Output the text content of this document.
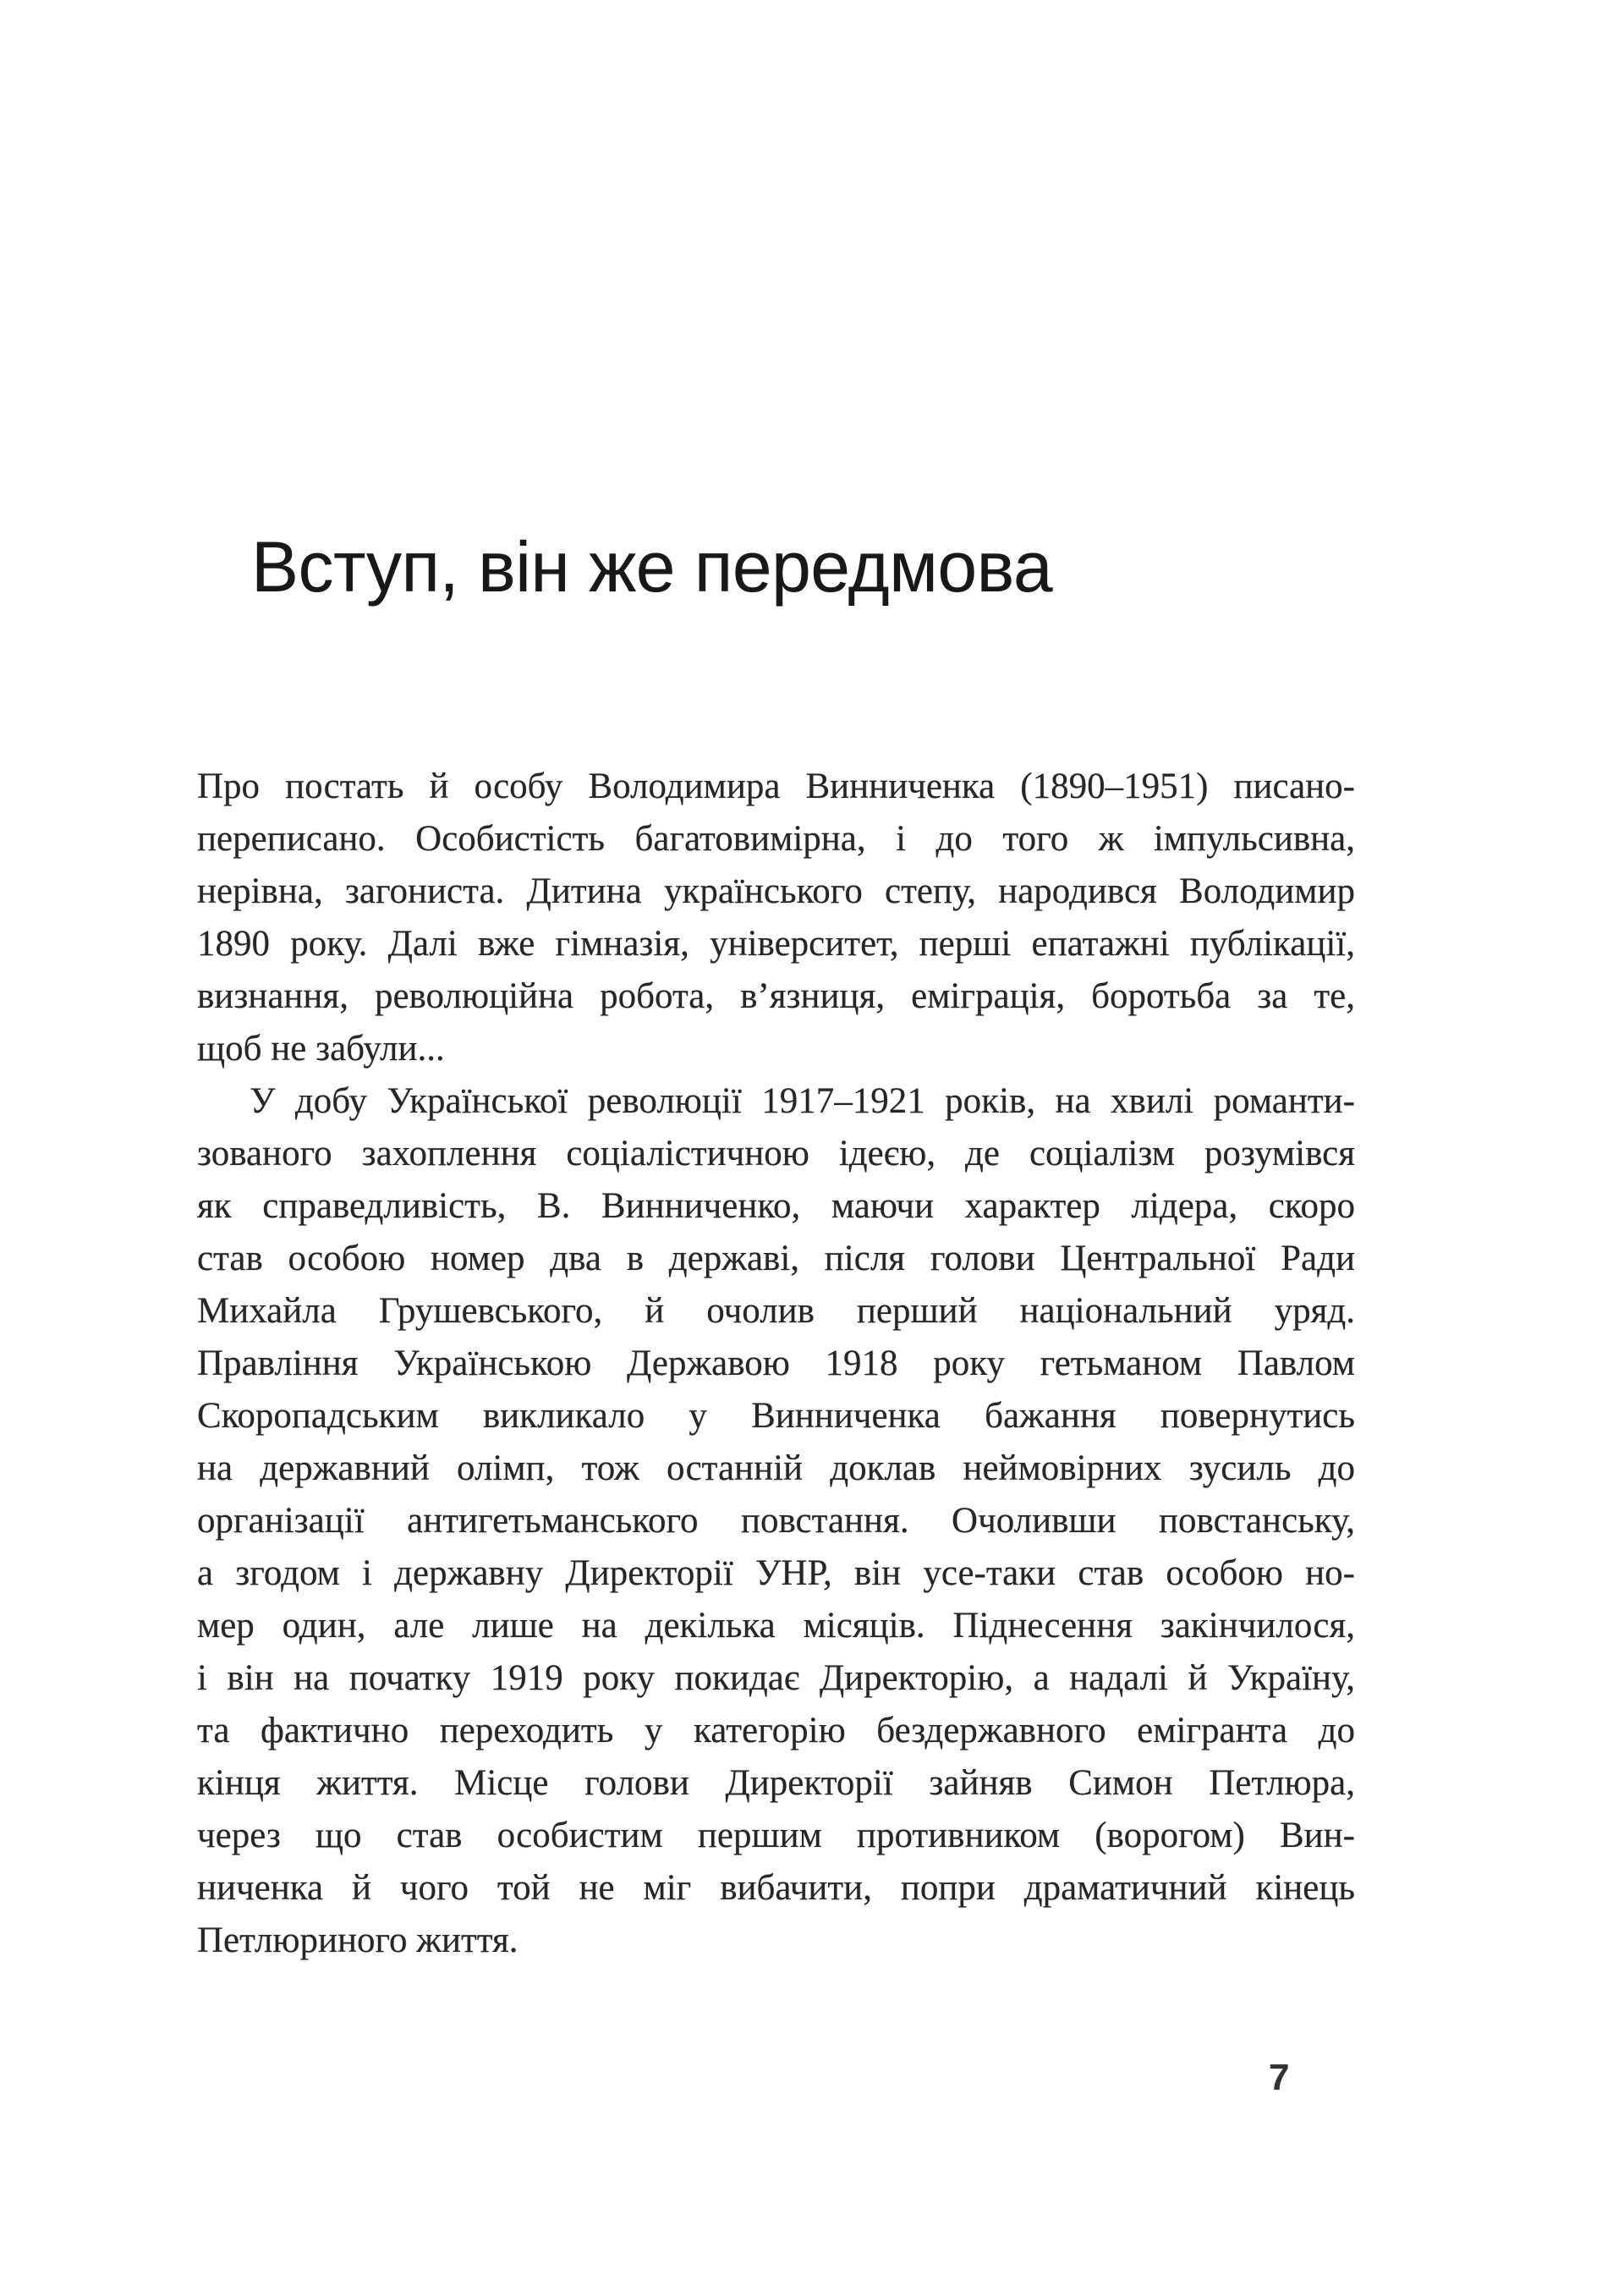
Вступ, він же передмова
Про постать й особу Володимира Винниченка (1890–1951) писано-
переписано. Особистість багатовимірна, і до того ж імпульсивна,
нерівна, загониста. Дитина українського степу, народився Володимир
1890 року. Далі вже гімназія, університет, перші епатажні публікації,
визнання, революційна робота, в’язниця, еміграція, боротьба за те,
щоб не забули...
У добу Української революції 1917–1921 років, на хвилі романти-
зованого захоплення соціалістичною ідеєю, де соціалізм розумівся
як справедливість, В. Винниченко, маючи характер лідера, скоро
став особою номер два в державі, після голови Центральної Ради
Михайла Грушевського, й очолив перший національний уряд.
Правління Українською Державою 1918 року гетьманом Павлом
Скоропадським викликало у Винниченка бажання повернутись
на державний олімп, тож останній доклав неймовірних зусиль до
організації антигетьманського повстання. Очоливши повстанську,
а згодом і державну Директорії УНР, він усе-таки став особою но-
мер один, але лише на декілька місяців. Піднесення закінчилося,
і він на початку 1919 року покидає Директорію, а надалі й Україну,
та фактично переходить у категорію бездержавного емігранта до
кінця життя. Місце голови Директорії зайняв Симон Петлюра,
через що став особистим першим противником (ворогом) Вин-
ниченка й чого той не міг вибачити, попри драматичний кінець
Петлюриного життя.
7
